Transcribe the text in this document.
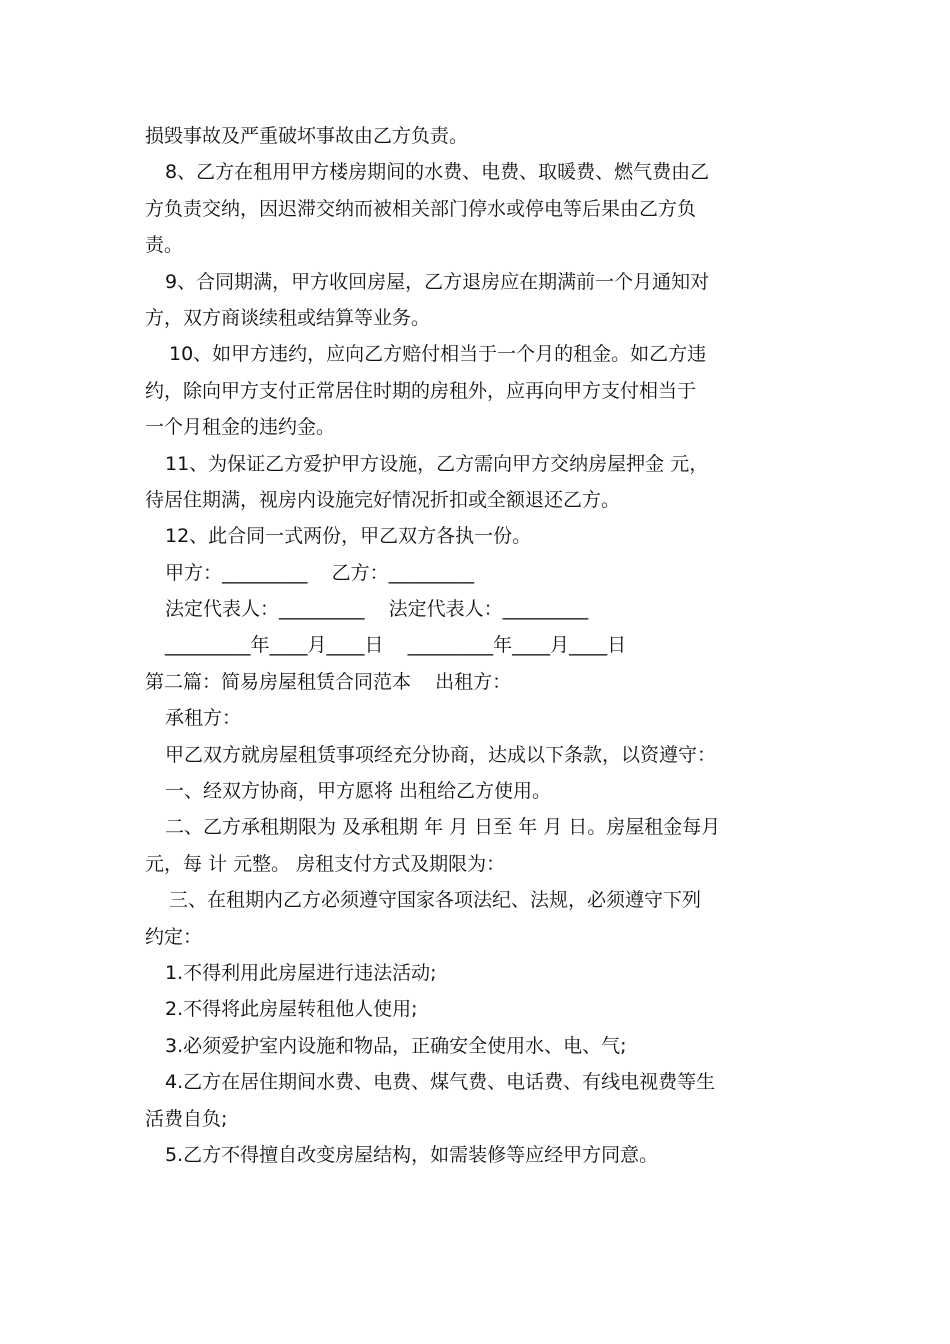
损毁事故及严重破坏事故由乙方负责。
8、乙方在租用甲方楼房期间的水费、电费、取暖费、燃气费由乙
方负责交纳，因迟滞交纳而被相关部门停水或停电等后果由乙方负
责。
9、合同期满，甲方收回房屋，乙方退房应在期满前一个月通知对
方，双方商谈续租或结算等业务。
10、如甲方违约，应向乙方赔付相当于一个月的租金。如乙方违
约，除向甲方支付正常居住时期的房租外，应再向甲方支付相当于
一个月租金的违约金。
11、为保证乙方爱护甲方设施，乙方需向甲方交纳房屋押金 元，
待居住期满，视房内设施完好情况折扣或全额退还乙方。
12、此合同一式两份，甲乙双方各执一份。
甲方：_________    乙方：_________
法定代表人：_________    法定代表人：_________
_________年____月____日    _________年____月____日
第二篇：简易房屋租赁合同范本    出租方：
承租方：
甲乙双方就房屋租赁事项经充分协商，达成以下条款，以资遵守：
一、经双方协商，甲方愿将 出租给乙方使用。
二、乙方承租期限为 及承租期 年 月 日至 年 月 日。房屋租金每月
元，每 计 元整。 房租支付方式及期限为：
三、在租期内乙方必须遵守国家各项法纪、法规，必须遵守下列
约定：
1.不得利用此房屋进行违法活动;
2.不得将此房屋转租他人使用;
3.必须爱护室内设施和物品，正确安全使用水、电、气;
4.乙方在居住期间水费、电费、煤气费、电话费、有线电视费等生
活费自负;
5.乙方不得擅自改变房屋结构，如需装修等应经甲方同意。
